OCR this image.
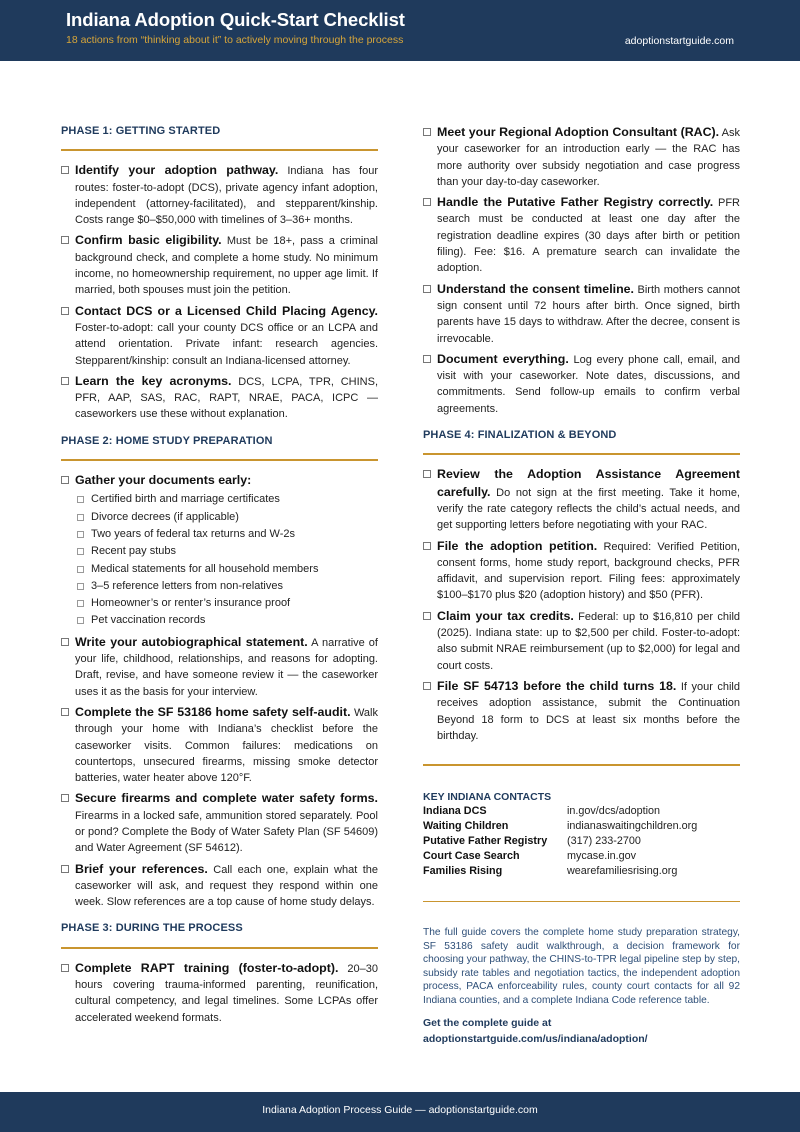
Indiana Adoption Quick-Start Checklist
18 actions from “thinking about it” to actively moving through the process	adoptionstartguide.com
PHASE 1: GETTING STARTED
Identify your adoption pathway. Indiana has four routes: foster-to-adopt (DCS), private agency infant adoption, independent (attorney-facilitated), and stepparent/kinship. Costs range $0–$50,000 with timelines of 3–36+ months.
Confirm basic eligibility. Must be 18+, pass a criminal background check, and complete a home study. No minimum income, no homeownership requirement, no upper age limit. If married, both spouses must join the petition.
Contact DCS or a Licensed Child Placing Agency. Foster-to-adopt: call your county DCS office or an LCPA and attend orientation. Private infant: research agencies. Stepparent/kinship: consult an Indiana-licensed attorney.
Learn the key acronyms. DCS, LCPA, TPR, CHINS, PFR, AAP, SAS, RAC, RAPT, NRAE, PACA, ICPC — caseworkers use these without explanation.
PHASE 2: HOME STUDY PREPARATION
Gather your documents early:
Certified birth and marriage certificates
Divorce decrees (if applicable)
Two years of federal tax returns and W-2s
Recent pay stubs
Medical statements for all household members
3–5 reference letters from non-relatives
Homeowner’s or renter’s insurance proof
Pet vaccination records
Write your autobiographical statement. A narrative of your life, childhood, relationships, and reasons for adopting. Draft, revise, and have someone review it — the caseworker uses it as the basis for your interview.
Complete the SF 53186 home safety self-audit. Walk through your home with Indiana’s checklist before the caseworker visits. Common failures: medications on countertops, unsecured firearms, missing smoke detector batteries, water heater above 120°F.
Secure firearms and complete water safety forms. Firearms in a locked safe, ammunition stored separately. Pool or pond? Complete the Body of Water Safety Plan (SF 54609) and Water Agreement (SF 54612).
Brief your references. Call each one, explain what the caseworker will ask, and request they respond within one week. Slow references are a top cause of home study delays.
PHASE 3: DURING THE PROCESS
Complete RAPT training (foster-to-adopt). 20–30 hours covering trauma-informed parenting, reunification, cultural competency, and legal timelines. Some LCPAs offer accelerated weekend formats.
Meet your Regional Adoption Consultant (RAC). Ask your caseworker for an introduction early — the RAC has more authority over subsidy negotiation and case progress than your day-to-day caseworker.
Handle the Putative Father Registry correctly. PFR search must be conducted at least one day after the registration deadline expires (30 days after birth or petition filing). Fee: $16. A premature search can invalidate the adoption.
Understand the consent timeline. Birth mothers cannot sign consent until 72 hours after birth. Once signed, birth parents have 15 days to withdraw. After the decree, consent is irrevocable.
Document everything. Log every phone call, email, and visit with your caseworker. Note dates, discussions, and commitments. Send follow-up emails to confirm verbal agreements.
PHASE 4: FINALIZATION & BEYOND
Review the Adoption Assistance Agreement carefully. Do not sign at the first meeting. Take it home, verify the rate category reflects the child’s actual needs, and get supporting letters before negotiating with your RAC.
File the adoption petition. Required: Verified Petition, consent forms, home study report, background checks, PFR affidavit, and supervision report. Filing fees: approximately $100–$170 plus $20 (adoption history) and $50 (PFR).
Claim your tax credits. Federal: up to $16,810 per child (2025). Indiana state: up to $2,500 per child. Foster-to-adopt: also submit NRAE reimbursement (up to $2,000) for legal and court costs.
File SF 54713 before the child turns 18. If your child receives adoption assistance, submit the Continuation Beyond 18 form to DCS at least six months before the birthday.
KEY INDIANA CONTACTS
Indiana DCS	in.gov/dcs/adoption
Waiting Children	indianaswaitingchildren.org
Putative Father Registry	(317) 233-2700
Court Case Search	mycase.in.gov
Families Rising	wearefamiliesrising.org
The full guide covers the complete home study preparation strategy, SF 53186 safety audit walkthrough, a decision framework for choosing your pathway, the CHINS-to-TPR legal pipeline step by step, subsidy rate tables and negotiation tactics, the independent adoption process, PACA enforceability rules, county court contacts for all 92 Indiana counties, and a complete Indiana Code reference table.
Get the complete guide at
adoptionstartguide.com/us/indiana/adoption/
Indiana Adoption Process Guide — adoptionstartguide.com
